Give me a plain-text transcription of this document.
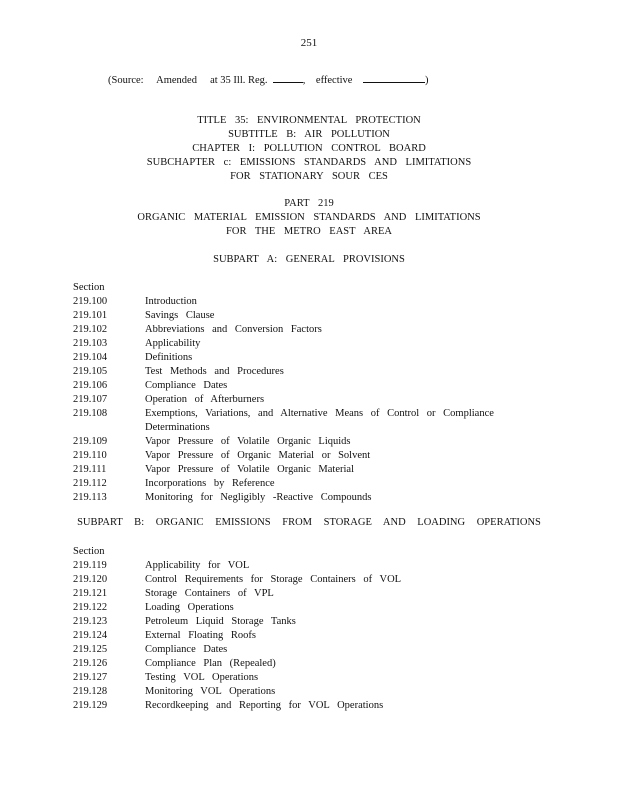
251
(Source: Amended at 35 Ill. Reg.	, effective	)
TITLE 35: ENVIRONMENTAL PROTECTION
SUBTITLE B: AIR POLLUTION
CHAPTER I: POLLUTION CONTROL BOARD
SUBCHAPTER c: EMISSIONS STANDARDS AND LIMITATIONS
FOR STATIONARY SOUR CES
PART 219
ORGANIC MATERIAL EMISSION STANDARDS AND LIMITATIONS
FOR THE METRO EAST AREA
SUBPART A: GENERAL PROVISIONS
Section
219.100	Introduction
219.101	Savings Clause
219.102	Abbreviations and Conversion Factors
219.103	Applicability
219.104	Definitions
219.105	Test Methods and Procedures
219.106	Compliance Dates
219.107	Operation of Afterburners
219.108	Exemptions, Variations, and Alternative Means of Control or Compliance
Determinations
219.109	Vapor Pressure of Volatile Organic Liquids
219.110	Vapor Pressure of Organic Material or Solvent
219.111	Vapor Pressure of Volatile Organic Material
219.112	Incorporations by Reference
219.113	Monitoring for Negligibly -Reactive Compounds
SUBPART B: ORGANIC EMISSIONS FROM STORAGE AND LOADING OPERATIONS
Section
219.119	Applicability for VOL
219.120	Control Requirements for Storage Containers of VOL
219.121	Storage Containers of VPL
219.122	Loading Operations
219.123	Petroleum Liquid Storage Tanks
219.124	External Floating Roofs
219.125	Compliance Dates
219.126	Compliance Plan (Repealed)
219.127	Testing VOL Operations
219.128	Monitoring VOL Operations
219.129	Recordkeeping and Reporting for VOL Operations
